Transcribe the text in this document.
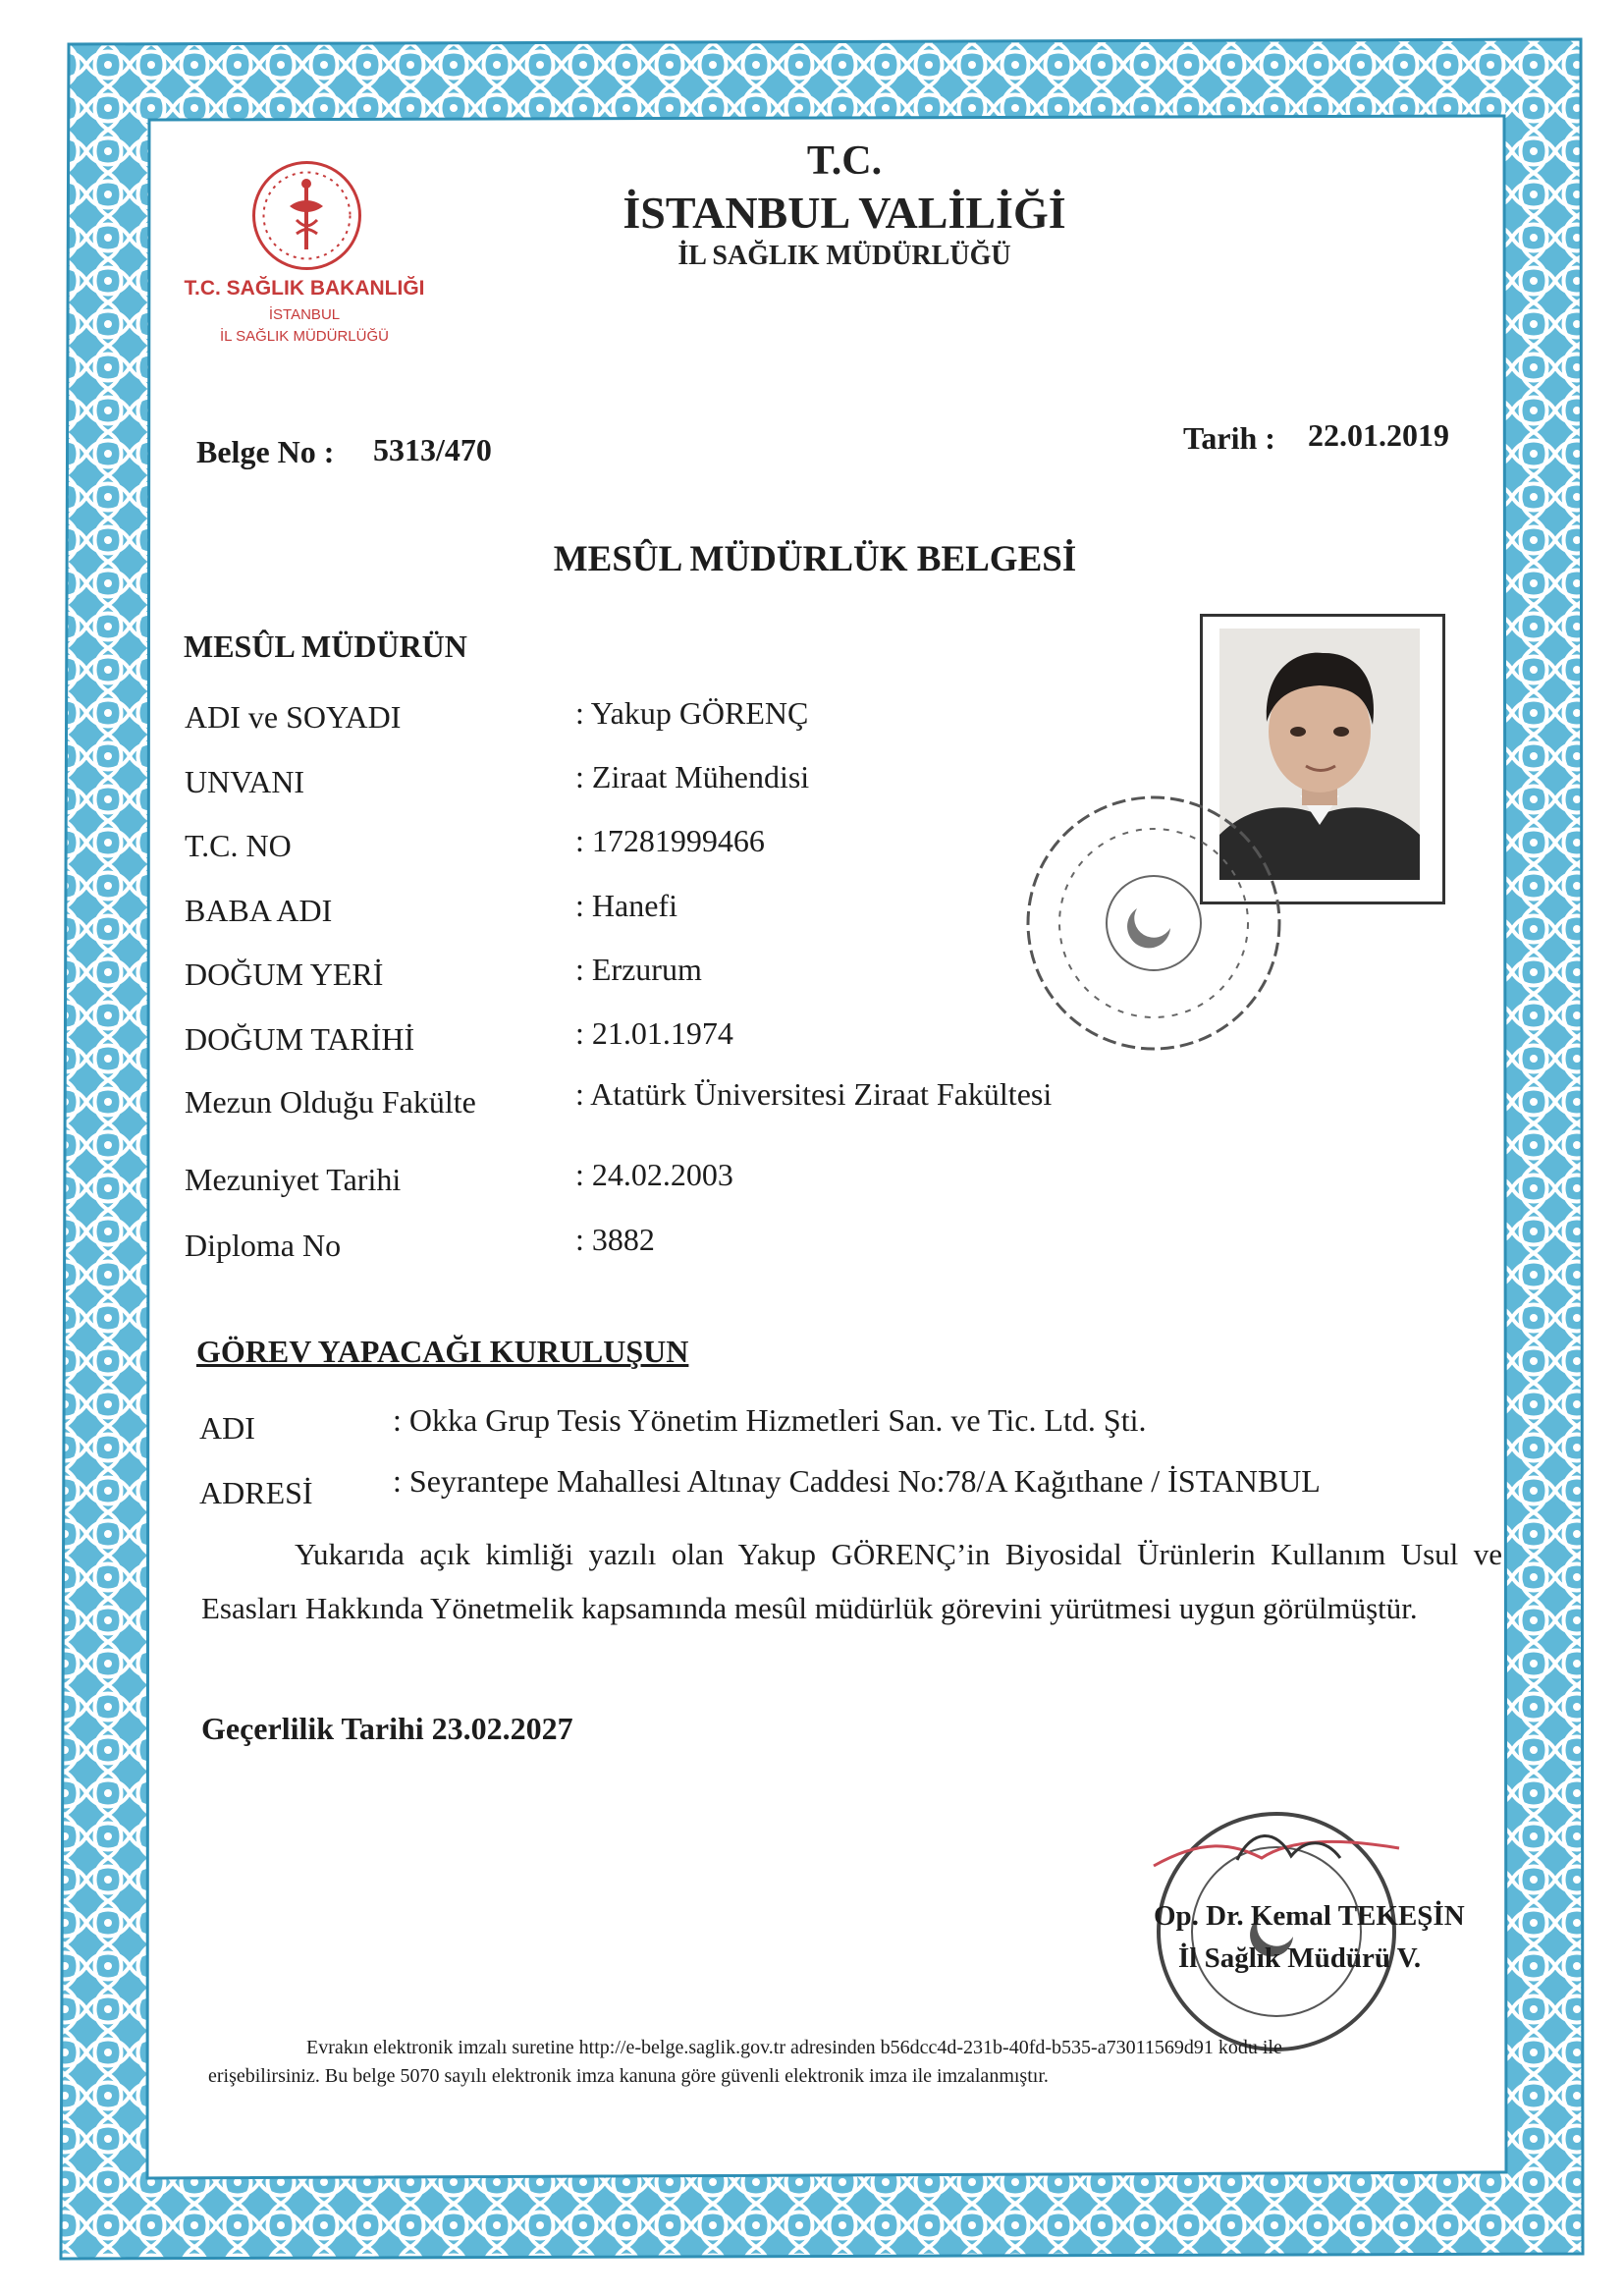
T.C. SAĞLIK BAKANLIĞI
İSTANBUL
İL SAĞLIK MÜDÜRLÜĞÜ
T.C.
İSTANBUL VALİLİĞİ
İL SAĞLIK MÜDÜRLÜĞÜ
Belge No : 5313/470	Tarih : 22.01.2019
MESÛL MÜDÜRLÜK BELGESİ
MESÛL MÜDÜRÜN
ADI ve SOYADI	: Yakup GÖRENÇ
UNVANI	: Ziraat Mühendisi
T.C. NO	: 17281999466
BABA ADI	: Hanefi
DOĞUM YERİ	: Erzurum
DOĞUM TARİHİ	: 21.01.1974
Mezun Olduğu Fakülte	: Atatürk Üniversitesi Ziraat Fakültesi
Mezuniyet Tarihi	: 24.02.2003
Diploma No	: 3882
GÖREV YAPACAĞI KURULUŞUN
ADI	: Okka Grup Tesis Yönetim Hizmetleri San. ve Tic. Ltd. Şti.
ADRESİ	: Seyrantepe Mahallesi Altınay Caddesi No:78/A Kağıthane / İSTANBUL
Yukarıda açık kimliği yazılı olan Yakup GÖRENÇ’in Biyosidal Ürünlerin Kullanım Usul ve Esasları Hakkında Yönetmelik kapsamında mesûl müdürlük görevini yürütmesi uygun görülmüştür.
Geçerlilik Tarihi 23.02.2027
Op. Dr. Kemal TEKEŞİN
İl Sağlık Müdürü V.
Evrakın elektronik imzalı suretine http://e-belge.saglik.gov.tr adresinden b56dcc4d-231b-40fd-b535-a73011569d91 kodu ile
erişebilirsiniz. Bu belge 5070 sayılı elektronik imza kanuna göre güvenli elektronik imza ile imzalanmıştır.
